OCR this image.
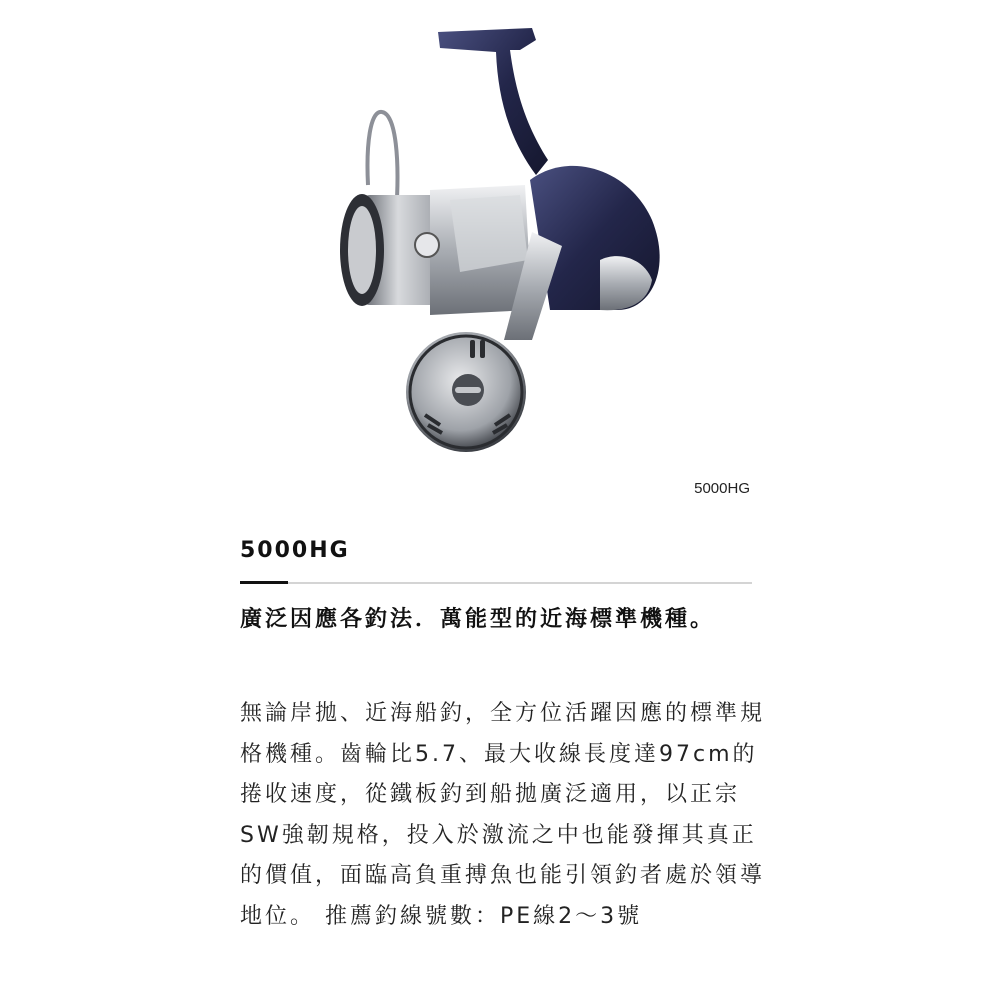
5000HG
5000HG
廣泛因應各釣法．萬能型的近海標準機種。
無論岸拋、近海船釣，全方位活躍因應的標準規格機種。齒輪比5.7、最大收線長度達97cm的捲收速度，從鐵板釣到船拋廣泛適用，以正宗SW強韌規格，投入於激流之中也能發揮其真正的價值，面臨高負重搏魚也能引領釣者處於領導地位。 推薦釣線號數：PE線2～3號
